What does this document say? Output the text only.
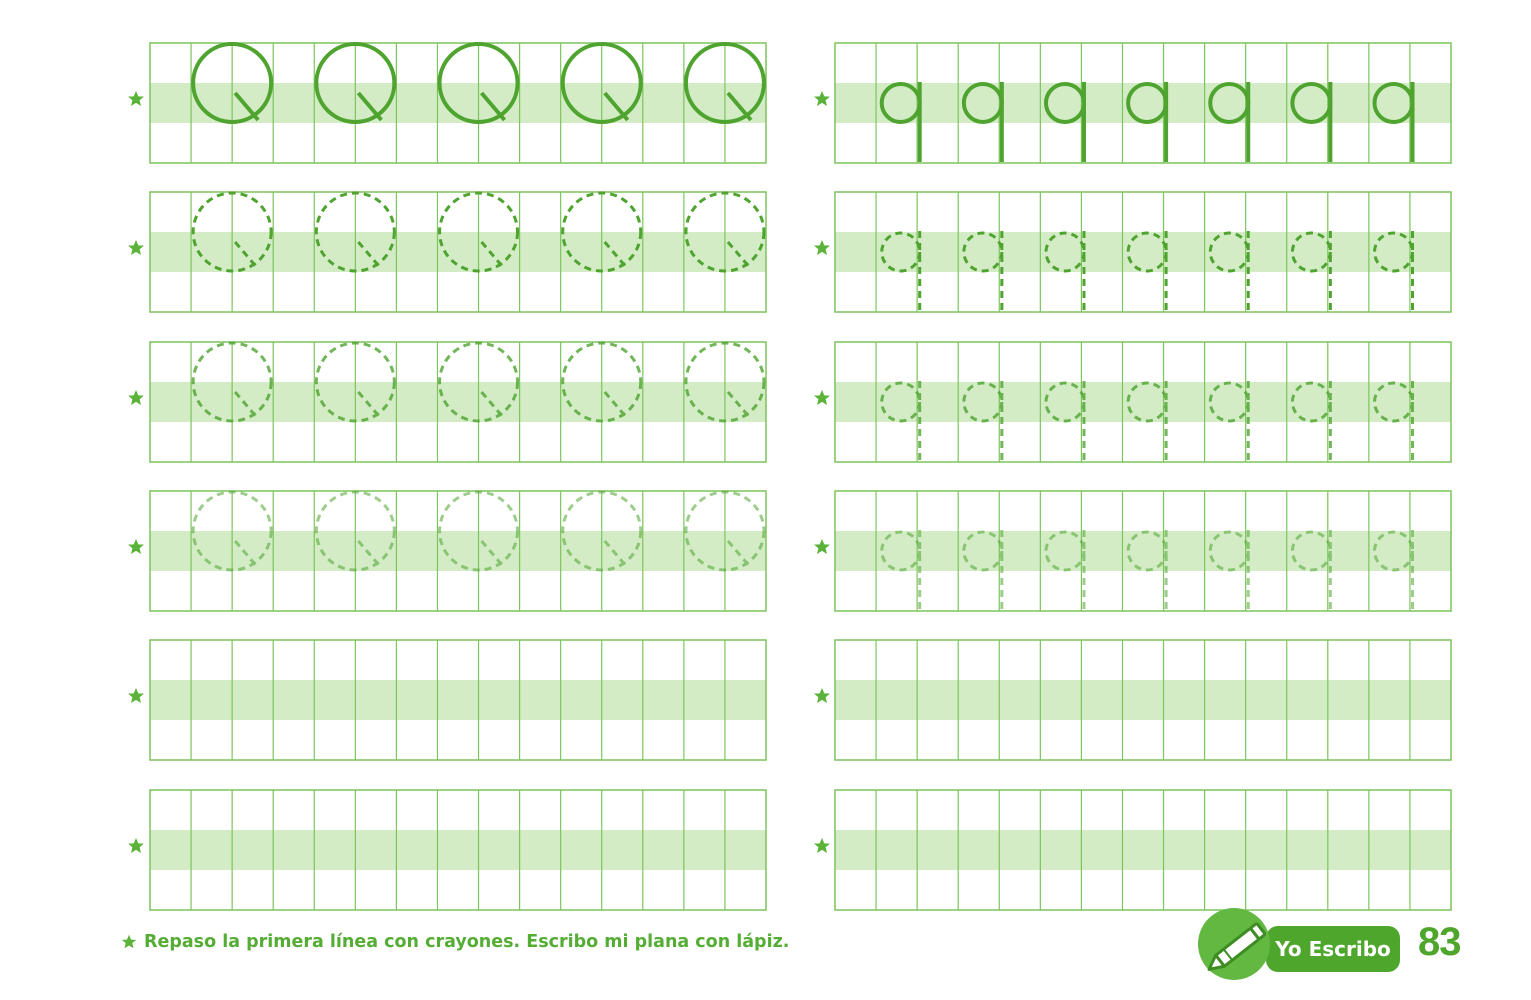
Repaso la primera línea con crayones. Escribo mi plana con lápiz.	Yo Escribo 83
